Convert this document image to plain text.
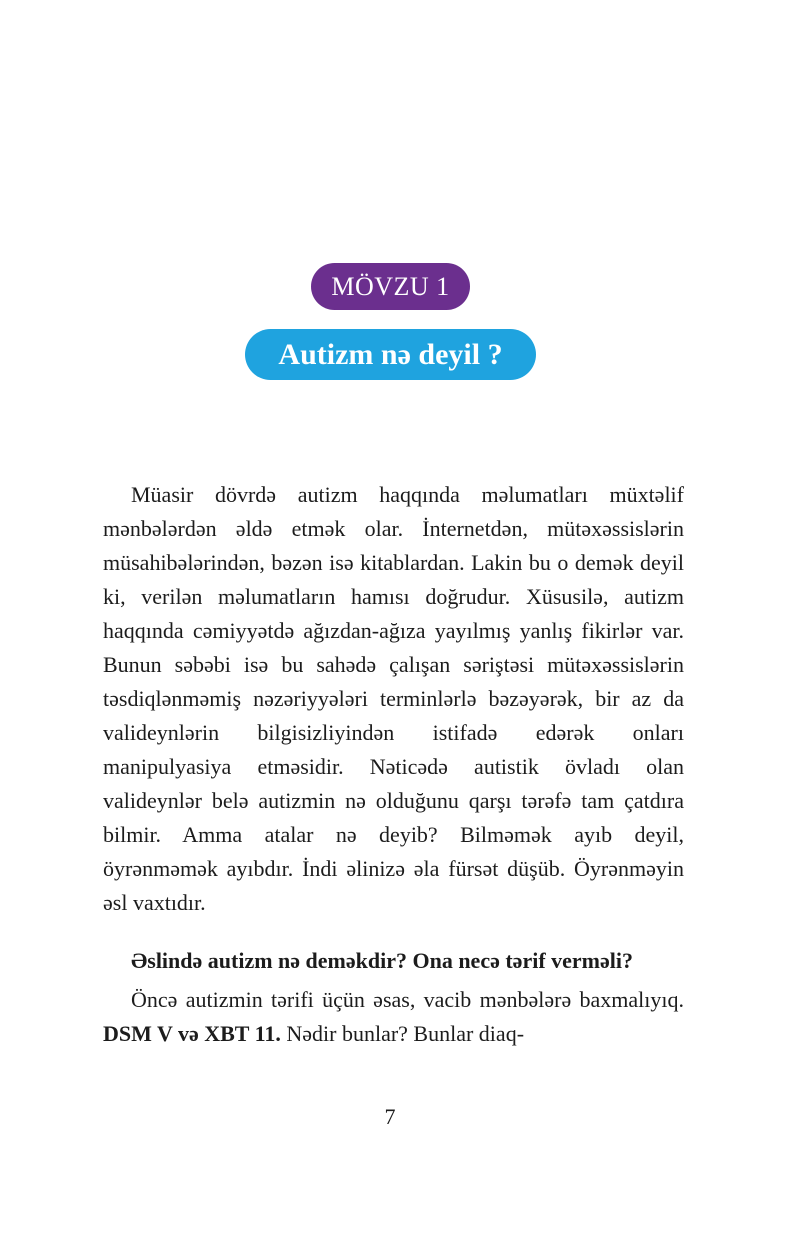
MÖVZU 1
Autizm nə deyil ?

Müasir dövrdə autizm haqqında məlumatları müxtəlif mənbələrdən əldə etmək olar. İnternetdən, mütəxəssislərin müsahibələrindən, bəzən isə kitablardan. Lakin bu o demək deyil ki, verilən məlumatların hamısı doğrudur. Xüsusilə, autizm haqqında cəmiyyətdə ağızdan-ağıza yayılmış yanlış fikirlər var. Bunun səbəbi isə bu sahədə çalışan səriştəsi mütəxəssislərin təsdiqlənməmiş nəzəriyyələri terminlərlə bəzəyərək, bir az da valideynlərin bilgisizliyindən istifadə edərək onları manipulyasiya etməsidir. Nəticədə autistik övladı olan valideynlər belə autizmin nə olduğunu qarşı tərəfə tam çatdıra bilmir. Amma atalar nə deyib? Bilməmək ayıb deyil, öyrənməmək ayıbdır. İndi əlinizə əla fürsət düşüb. Öyrənməyin əsl vaxtıdır.

Əslində autizm nə deməkdir? Ona necə tərif verməli?

Öncə autizmin tərifi üçün əsas, vacib mənbələrə baxmalıyıq. DSM V və XBT 11. Nədir bunlar? Bunlar diaq-

7
